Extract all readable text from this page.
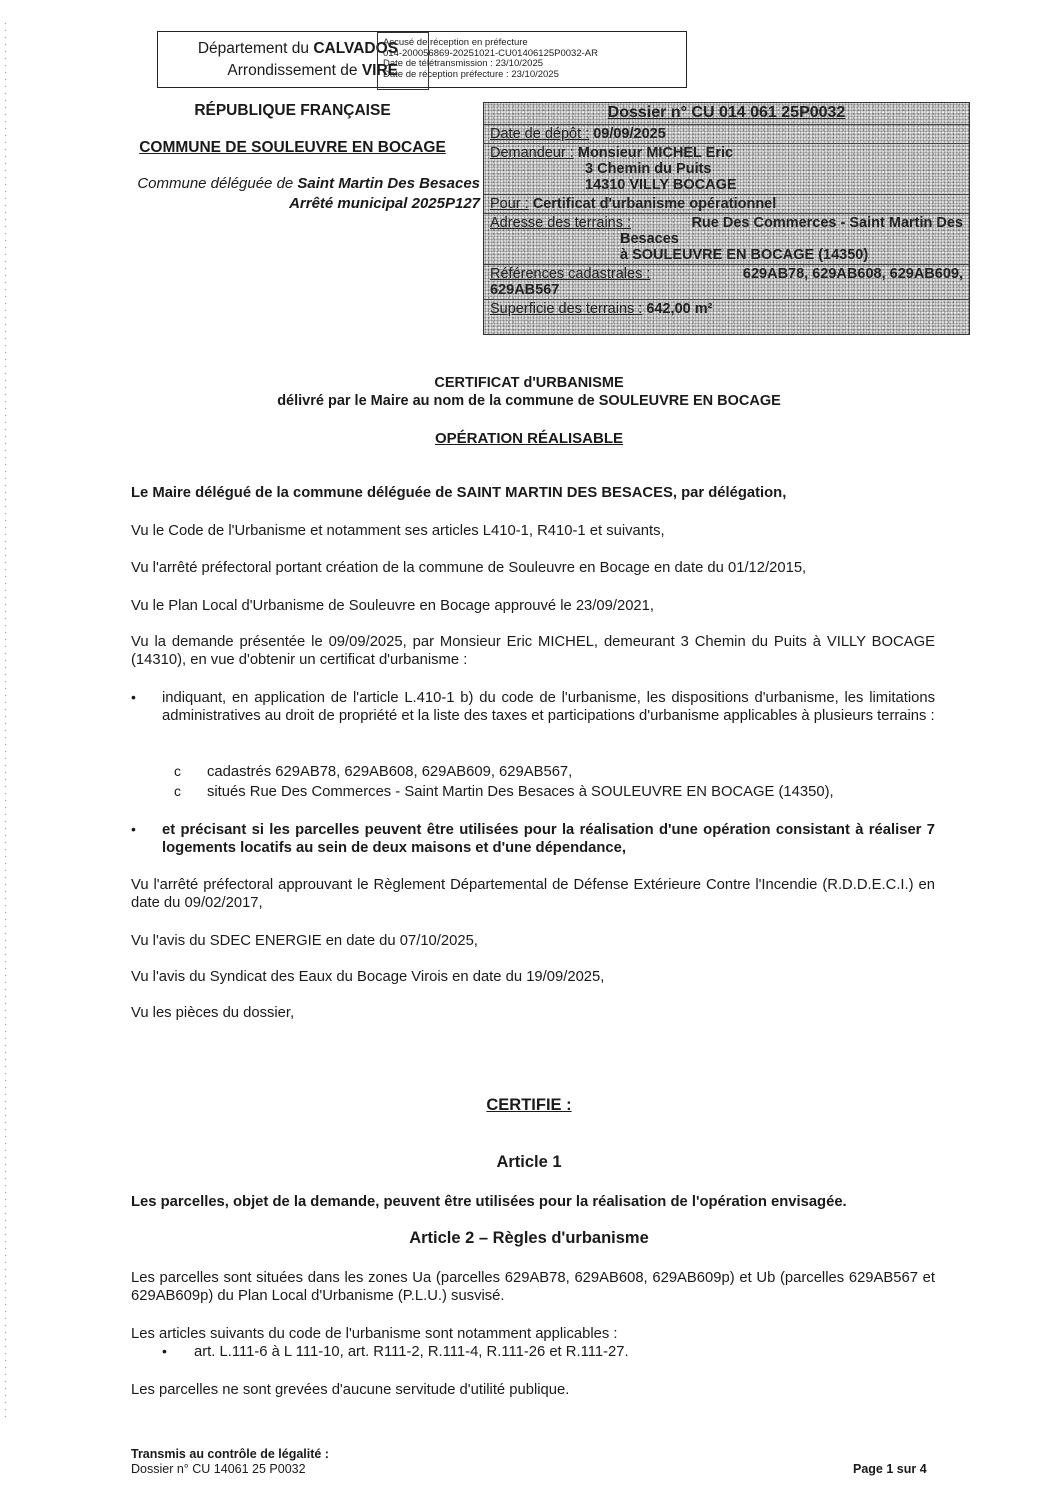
Département du CALVADOS
Arrondissement de VIRE
Accusé de réception en préfecture
014-200056869-20251021-CU01406125P0032-AR
Date de télétransmission : 23/10/2025
Date de réception préfecture : 23/10/2025
RÉPUBLIQUE FRANÇAISE
COMMUNE DE SOULEUVRE EN BOCAGE
Commune déléguée de Saint Martin Des Besaces
Arrêté municipal 2025P127
Dossier n° CU 014 061 25P0032
Date de dépôt : 09/09/2025
Demandeur : Monsieur MICHEL Eric
3 Chemin du Puits
14310 VILLY BOCAGE
Pour : Certificat d'urbanisme opérationnel
Adresse des terrains :	Rue Des Commerces - Saint Martin Des
Besaces
à SOULEUVRE EN BOCAGE (14350)
Références cadastrales :	629AB78, 629AB608, 629AB609,
629AB567
Superficie des terrains : 642,00 m²
CERTIFICAT d'URBANISME
délivré par le Maire au nom de la commune de SOULEUVRE EN BOCAGE
OPÉRATION RÉALISABLE
Le Maire délégué de la commune déléguée de SAINT MARTIN DES BESACES, par délégation,
Vu le Code de l'Urbanisme et notamment ses articles L410-1, R410-1 et suivants,
Vu l'arrêté préfectoral portant création de la commune de Souleuvre en Bocage en date du 01/12/2015,
Vu le Plan Local d'Urbanisme de Souleuvre en Bocage approuvé le 23/09/2021,
Vu la demande présentée le 09/09/2025, par Monsieur Eric MICHEL, demeurant 3 Chemin du Puits à VILLY BOCAGE (14310), en vue d'obtenir un certificat d'urbanisme :
• indiquant, en application de l'article L.410-1 b) du code de l'urbanisme, les dispositions d'urbanisme, les limitations administratives au droit de propriété et la liste des taxes et participations d'urbanisme applicables à plusieurs terrains :
c cadastrés 629AB78, 629AB608, 629AB609, 629AB567,
c situés Rue Des Commerces - Saint Martin Des Besaces à SOULEUVRE EN BOCAGE (14350),
• et précisant si les parcelles peuvent être utilisées pour la réalisation d'une opération consistant à réaliser 7 logements locatifs au sein de deux maisons et d'une dépendance,
Vu l'arrêté préfectoral approuvant le Règlement Départemental de Défense Extérieure Contre l'Incendie (R.D.D.E.C.I.) en date du 09/02/2017,
Vu l'avis du SDEC ENERGIE en date du 07/10/2025,
Vu l'avis du Syndicat des Eaux du Bocage Virois en date du 19/09/2025,
Vu les pièces du dossier,
CERTIFIE :
Article 1
Les parcelles, objet de la demande, peuvent être utilisées pour la réalisation de l'opération envisagée.
Article 2 – Règles d'urbanisme
Les parcelles sont situées dans les zones Ua (parcelles 629AB78, 629AB608, 629AB609p) et Ub (parcelles 629AB567 et 629AB609p) du Plan Local d'Urbanisme (P.L.U.) susvisé.
Les articles suivants du code de l'urbanisme sont notamment applicables :
• art. L.111-6 à L 111-10, art. R111-2, R.111-4, R.111-26 et R.111-27.
Les parcelles ne sont grevées d'aucune servitude d'utilité publique.
Transmis au contrôle de légalité :
Dossier n° CU 14061 25 P0032	Page 1 sur 4
